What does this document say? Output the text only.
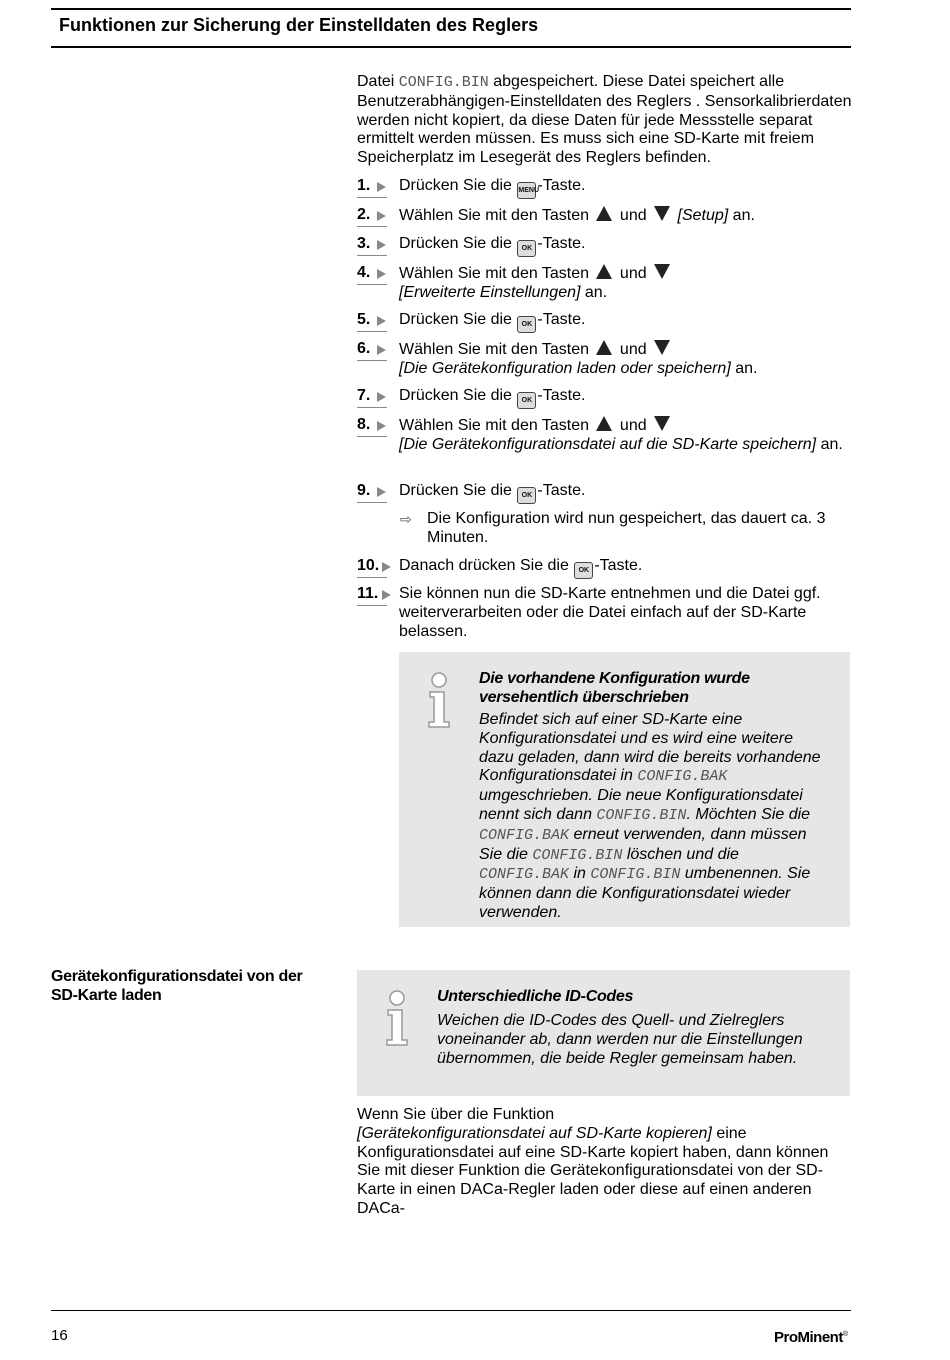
Funktionen zur Sicherung der Einstelldaten des Reglers
Datei CONFIG.BIN abgespeichert. Diese Datei speichert alle Benutzerabhängigen-Einstelldaten des Reglers . Sensorkalibrierdaten werden nicht kopiert, da diese Daten für jede Messstelle separat ermittelt werden müssen. Es muss sich eine SD-Karte mit freiem Speicherplatz im Lesegerät des Reglers befinden.
1.	Drücken Sie die MENU-Taste.
2.	Wählen Sie mit den Tasten  und  [Setup] an.
3.	Drücken Sie die OK -Taste.
4.	Wählen Sie mit den Tasten  und
[Erweiterte Einstellungen] an.
5.	Drücken Sie die OK -Taste.
6.	Wählen Sie mit den Tasten  und
[Die Gerätekonfiguration laden oder speichern] an.
7.	Drücken Sie die OK -Taste.
8.	Wählen Sie mit den Tasten  und
[Die Gerätekonfigurationsdatei auf die SD-Karte speichern] an.
9.	Drücken Sie die OK -Taste.
⇨ Die Konfiguration wird nun gespeichert, das dauert ca. 3 Minuten.
10.	Danach drücken Sie die OK -Taste.
11.	Sie können nun die SD-Karte entnehmen und die Datei ggf. weiterverarbeiten oder die Datei einfach auf der SD-Karte belassen.
Die vorhandene Konfiguration wurde versehentlich überschrieben
Befindet sich auf einer SD-Karte eine Konfigurationsdatei und es wird eine weitere dazu geladen, dann wird die bereits vorhandene Konfigurationsdatei in CONFIG.BAK umgeschrieben. Die neue Konfigurationsdatei nennt sich dann CONFIG.BIN. Möchten Sie die CONFIG.BAK erneut verwenden, dann müssen Sie die CONFIG.BIN löschen und die CONFIG.BAK in CONFIG.BIN umbenennen. Sie können dann die Konfigurationsdatei wieder verwenden.
Gerätekonfigurationsdatei von der SD-Karte laden	Unterschiedliche ID-Codes
Weichen die ID-Codes des Quell- und Zielreglers voneinander ab, dann werden nur die Einstellungen übernommen, die beide Regler gemeinsam haben.
Wenn Sie über die Funktion
[Gerätekonfigurationsdatei auf SD-Karte kopieren] eine Konfigurationsdatei auf eine SD-Karte kopiert haben, dann können Sie mit dieser Funktion die Gerätekonfigurationsdatei von der SD-Karte in einen DACa-Regler laden oder diese auf einen anderen DACa-
16	ProMinent®
